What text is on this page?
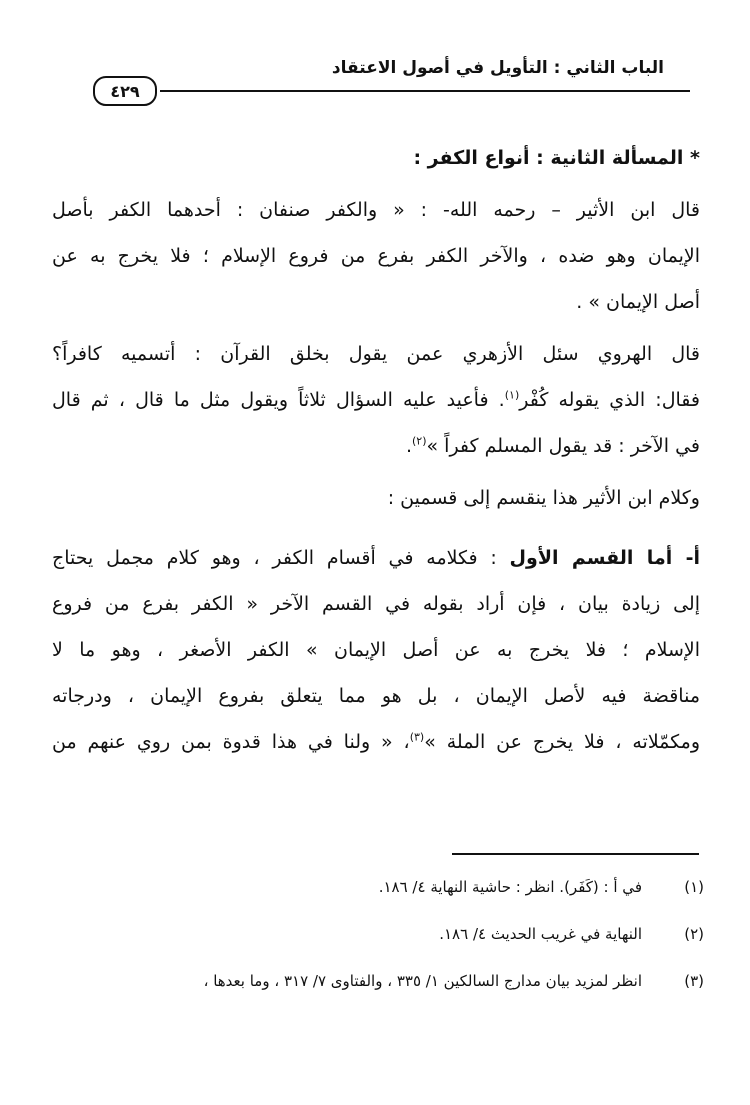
الباب الثاني : التأويل في أصول الاعتقاد
٤٢٩
* المسألة الثانية : أنواع الكفر :
قال ابن الأثير – رحمه الله- : « والكفر صنفان : أحدهما الكفر بأصل
الإيمان وهو ضده ، والآخر الكفر بفرع من فروع الإسلام ؛ فلا يخرج به عن
أصل الإيمان » .
قال الهروي سئل الأزهري عمن يقول بخلق القرآن : أتسميه كافراً؟
فقال: الذي يقوله كُفْر$^{(١)}$. فأعيد عليه السؤال ثلاثاً ويقول مثل ما قال ، ثم قال
في الآخر : قد يقول المسلم كفراً »$^{(٢)}$.
وكلام ابن الأثير هذا ينقسم إلى قسمين :
أ- أما القسم الأول : فكلامه في أقسام الكفر ، وهو كلام مجمل يحتاج
إلى زيادة بيان ، فإن أراد بقوله في القسم الآخر « الكفر بفرع من فروع
الإسلام ؛ فلا يخرج به عن أصل الإيمان » الكفر الأصغر ، وهو ما لا
مناقضة فيه لأصل الإيمان ، بل هو مما يتعلق بفروع الإيمان ، ودرجاته
ومكمّلاته ، فلا يخرج عن الملة »$^{(٣)}$، « ولنا في هذا قدوة بمن روي عنهم من
(١)
في أ : (كَفَر). انظر : حاشية النهاية ٤/ ١٨٦.
(٢)
النهاية في غريب الحديث ٤/ ١٨٦.
(٣)
انظر لمزيد بيان مدارج السالكين ١/ ٣٣٥ ، والفتاوى ٧/ ٣١٧ ، وما بعدها ،
